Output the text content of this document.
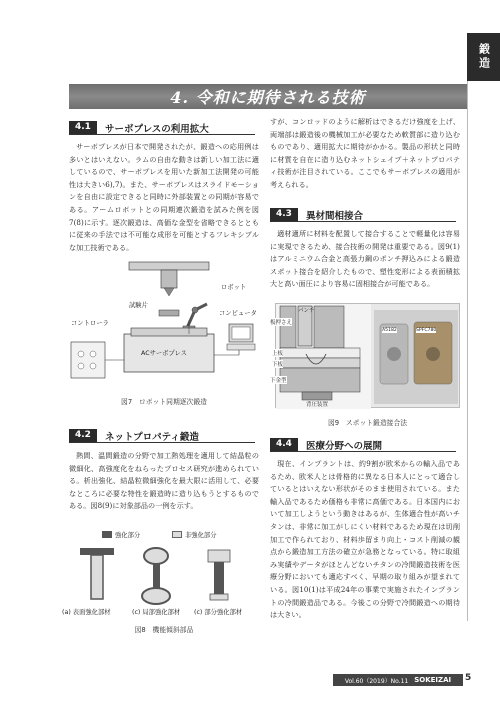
鍛造
4. 令和に期待される技術
4.1	サーボプレスの利用拡大

サーボプレスが日本で開発されたが、鍛造への応用例は多いとはいえない。ラムの自由な動きは新しい加工法に適しているので、サーボプレスを用いた新加工法開発の可能性は大きい6),7)。また、サーボプレスはスライドモーションを自由に設定できると同時に外部装置との同期が容易である。アームロボットとの同期連次鍛造を試みた例を図7(8)に示す。逐次鍛造は、高価な金型を省略できるとともに従来の手法では不可能な成形を可能とするフレキシブルな加工技術である。

コントローラ
試験片
ロボット
コンピュータ
ACサーボプレス
図7　ロボット同期逐次鍛造
4.2	ネットプロパティ鍛造

熱間、温間鍛造の分野で加工熱処理を適用して結晶粒の微細化、高強度化をねらったプロセス研究が進められている。析出強化、結晶粒微細強化を最大限に活用して、必要なところに必要な特性を鍛造時に造り込もうとするものである。図8(9)に対象部品の一例を示す。

強化部分	非強化部分
(a) 表面強化部材	(c) 局部強化部材 (c) 部分強化部材
図8　機能傾斜部品

すが、コンロッドのように解析はできるだけ強度を上げ、両端部は鍛造後の機械加工が必要なため軟質部に造り込むものであり、適用拡大に期待がかかる。製品の形状と同時に材質を自在に造り込むネットシェイプ＋ネットプロパティ技術が注目されている。ここでもサーボプレスの適用が考えられる。

4.3	異材間相接合

適材適所に材料を配置して接合することで軽量化は容易に実現できるため、接合技術の開発は重要である。図9(1)はアルミニウム合金と高張力鋼のポンチ押込みによる鍛造スポット接合を紹介したもので、塑性変形による表面積拡大と高い面圧により容易に固相接合が可能である。

パンチ
板押さえ
上板
下板
下金型
背圧装置
A5182	SPFC780
図9　スポット鍛造接合法
4.4	医療分野への展開

現在、インプラントは、約9割が欧米からの輸入品であるため、欧米人とは骨格的に異なる日本人にとって適合しているとはいえない形状がそのまま使用されている。また輸入品であるため価格も非常に高価である。日本国内において加工しようという動きはあるが、生体適合性が高いチタンは、非常に加工がしにくい材料であるため現在は切削加工で作られており、材料歩留まり向上・コスト削減の観点から鍛造加工方法の確立が急務となっている。特に取組み実績やデータがほとんどないチタンの冷間鍛造技術を医療分野においても適応すべく、早期の取り組みが望まれている。図10(1)は平成24年の事業で実施されたインプラントの冷間鍛造品である。今後この分野で冷間鍛造への期待は大きい。

Vol.60（2019）No.11 SOKEIZAI 5
